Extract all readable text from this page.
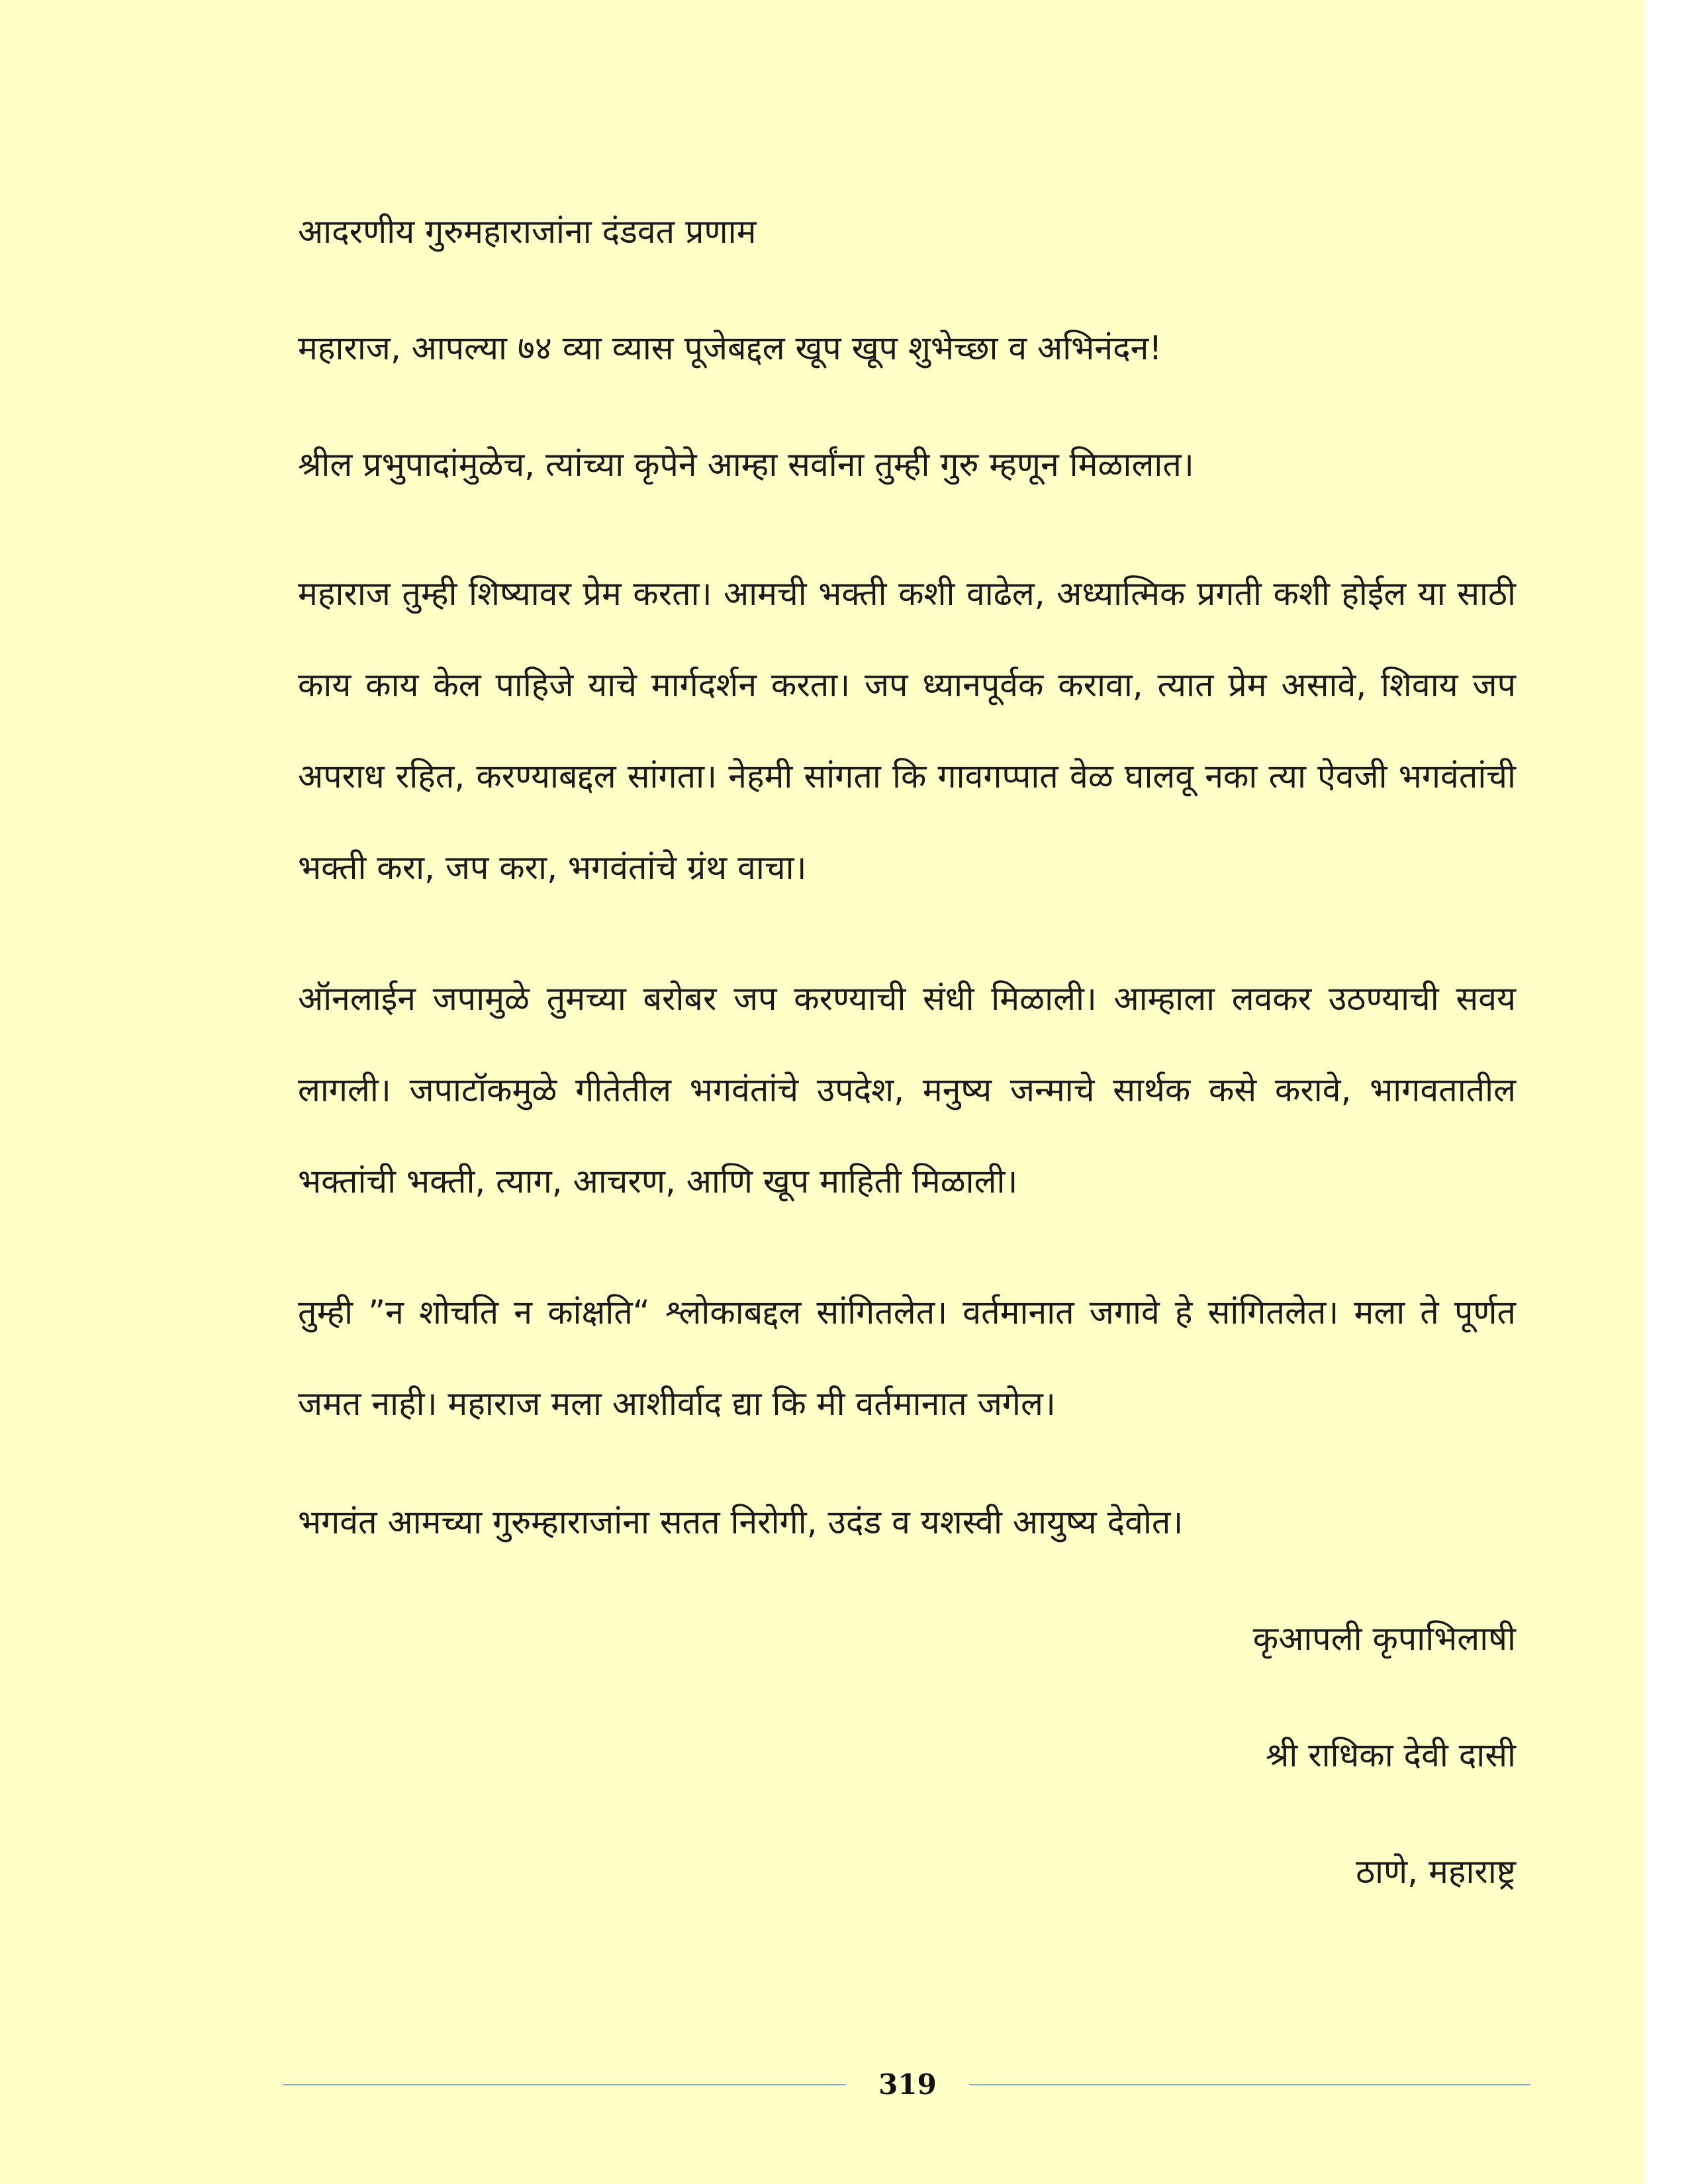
आदरणीय गुरुमहाराजांना दंडवत प्रणाम

महाराज, आपल्या ७४ व्या व्यास पूजेबद्दल खूप खूप शुभेच्छा व अभिनंदन!

श्रील प्रभुपादांमुळेच, त्यांच्या कृपेने आम्हा सर्वांना तुम्ही गुरु म्हणून मिळालात।

महाराज तुम्ही शिष्यावर प्रेम करता। आमची भक्ती कशी वाढेल, अध्यात्मिक प्रगती कशी होईल या साठी काय काय केल पाहिजे याचे मार्गदर्शन करता। जप ध्यानपूर्वक करावा, त्यात प्रेम असावे, शिवाय जप अपराध रहित, करण्याबद्दल सांगता। नेहमी सांगता कि गावगप्पात वेळ घालवू नका त्या ऐवजी भगवंतांची भक्ती करा, जप करा, भगवंतांचे ग्रंथ वाचा।

ऑनलाईन जपामुळे तुमच्या बरोबर जप करण्याची संधी मिळाली। आम्हाला लवकर उठण्याची सवय लागली। जपाटॉकमुळे गीतेतील भगवंतांचे उपदेश, मनुष्य जन्माचे सार्थक कसे करावे, भागवतातील भक्तांची भक्ती, त्याग, आचरण, आणि खूप माहिती मिळाली।

तुम्ही ”न शोचति न कांक्षति“ श्लोकाबद्दल सांगितलेत। वर्तमानात जगावे हे सांगितलेत। मला ते पूर्णत जमत नाही। महाराज मला आशीर्वाद द्या कि मी वर्तमानात जगेल।

भगवंत आमच्या गुरुम्हाराजांना सतत निरोगी, उदंड व यशस्वी आयुष्य देवोत।

कृआपली कृपाभिलाषी
श्री राधिका देवी दासी
ठाणे, महाराष्ट्र
319
